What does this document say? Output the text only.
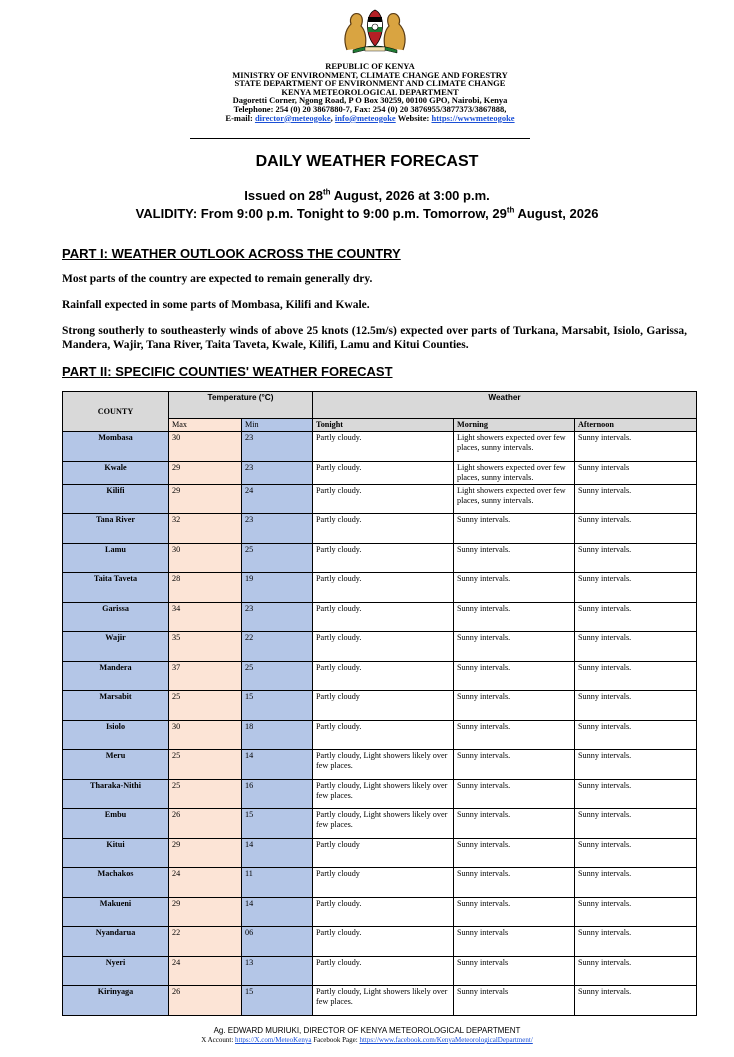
REPUBLIC OF KENYA
MINISTRY OF ENVIRONMENT, CLIMATE CHANGE AND FORESTRY
STATE DEPARTMENT OF ENVIRONMENT AND CLIMATE CHANGE
KENYA METEOROLOGICAL DEPARTMENT
Dagoretti Corner, Ngong Road, P O Box 30259, 00100 GPO, Nairobi, Kenya
Telephone: 254 (0) 20 3867880-7, Fax: 254 (0) 20 3876955/3877373/3867888,
E-mail: director@meteogoke, info@meteogoke Website: https://wwwmeteogoke
DAILY WEATHER FORECAST
Issued on 28th August, 2026 at 3:00 p.m.
VALIDITY: From 9:00 p.m. Tonight to 9:00 p.m. Tomorrow, 29th August, 2026
PART I: WEATHER OUTLOOK ACROSS THE COUNTRY
Most parts of the country are expected to remain generally dry.
Rainfall expected in some parts of Mombasa, Kilifi and Kwale.
Strong southerly to southeasterly winds of above 25 knots (12.5m/s) expected over parts of Turkana, Marsabit, Isiolo, Garissa, Mandera, Wajir, Tana River, Taita Taveta, Kwale, Kilifi, Lamu and Kitui Counties.
PART II: SPECIFIC COUNTIES' WEATHER FORECAST
COUNTY	Temperature (°C)		Weather		
	Max	Min	Tonight	Morning	Afternoon
Mombasa	30	23	Partly cloudy.	Light showers expected over few places, sunny intervals.	Sunny intervals.
Kwale	29	23	Partly cloudy.	Light showers expected over few places, sunny intervals.	Sunny intervals
Kilifi	29	24	Partly cloudy.	Light showers expected over few places, sunny intervals.	Sunny intervals.
Tana River	32	23	Partly cloudy.	Sunny intervals.	Sunny intervals.
Lamu	30	25	Partly cloudy.	Sunny intervals.	Sunny intervals.
Taita Taveta	28	19	Partly cloudy.	Sunny intervals.	Sunny intervals.
Garissa	34	23	Partly cloudy.	Sunny intervals.	Sunny intervals.
Wajir	35	22	Partly cloudy.	Sunny intervals.	Sunny intervals.
Mandera	37	25	Partly cloudy.	Sunny intervals.	Sunny intervals.
Marsabit	25	15	Partly cloudy	Sunny intervals.	Sunny intervals.
Isiolo	30	18	Partly cloudy.	Sunny intervals.	Sunny intervals.
Meru	25	14	Partly cloudy, Light showers likely over few places.	Sunny intervals.	Sunny intervals.
Tharaka-Nithi	25	16	Partly cloudy, Light showers likely over few places.	Sunny intervals.	Sunny intervals.
Embu	26	15	Partly cloudy, Light showers likely over few places.	Sunny intervals.	Sunny intervals.
Kitui	29	14	Partly cloudy	Sunny intervals.	Sunny intervals.
Machakos	24	11	Partly cloudy	Sunny intervals.	Sunny intervals.
Makueni	29	14	Partly cloudy.	Sunny intervals.	Sunny intervals.
Nyandarua	22	06	Partly cloudy.	Sunny intervals	Sunny intervals.
Nyeri	24	13	Partly cloudy.	Sunny intervals	Sunny intervals.
Kirinyaga	26	15	Partly cloudy, Light showers likely over few places.	Sunny intervals	Sunny intervals.
Ag. EDWARD MURIUKI, DIRECTOR OF KENYA METEOROLOGICAL DEPARTMENT
X Account: https://X.com/MeteoKenya Facebook Page: https://www.facebook.com/KenyaMeteorologicalDepartment/
